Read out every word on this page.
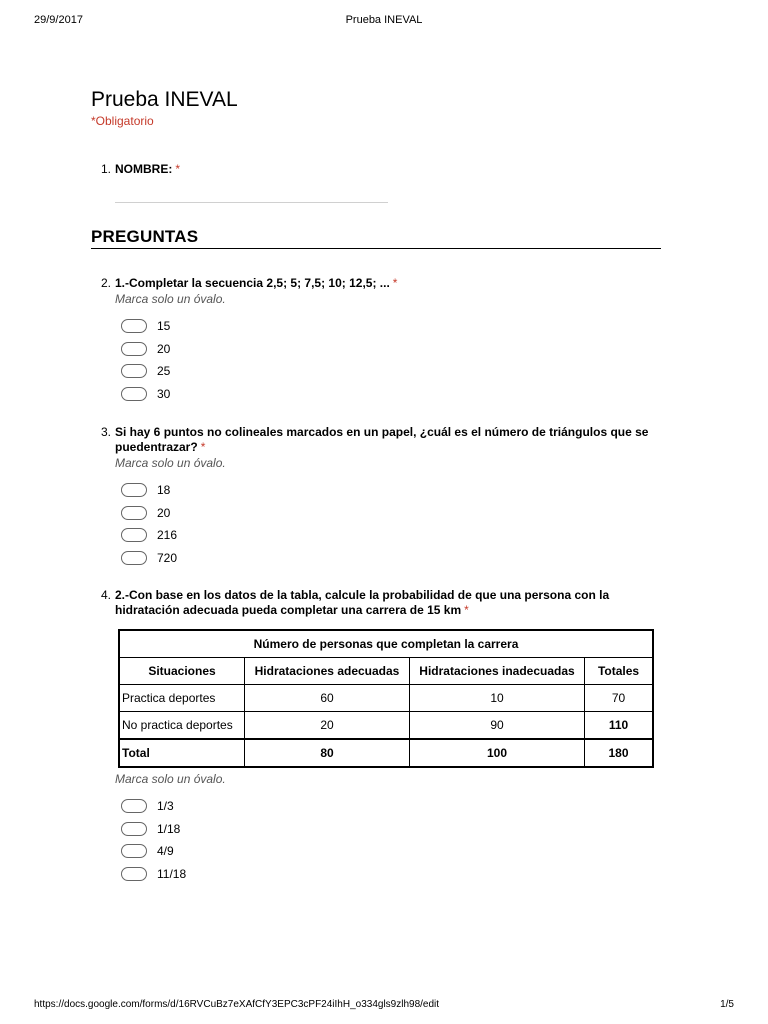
29/9/2017	Prueba INEVAL
Prueba INEVAL
*Obligatorio
1. NOMBRE: *
PREGUNTAS
2. 1.-Completar la secuencia 2,5; 5; 7,5; 10; 12,5; ... *
Marca solo un óvalo.
15
20
25
30
3. Si hay 6 puntos no colineales marcados en un papel, ¿cuál es el número de triángulos que se puedentrazar? *
Marca solo un óvalo.
18
20
216
720
4. 2.-Con base en los datos de la tabla, calcule la probabilidad de que una persona con la hidratación adecuada pueda completar una carrera de 15 km *
Número de personas que completan la carrera			
Situaciones	Hidrataciones adecuadas	Hidrataciones inadecuadas	Totales
Practica deportes	60	10	70
No practica deportes	20	90	110
Total	80	100	180
Marca solo un óvalo.
1/3
1/18
4/9
11/18
https://docs.google.com/forms/d/16RVCuBz7eXAfCfY3EPC3cPF24iIhH_o334gls9zlh98/edit	1/5
